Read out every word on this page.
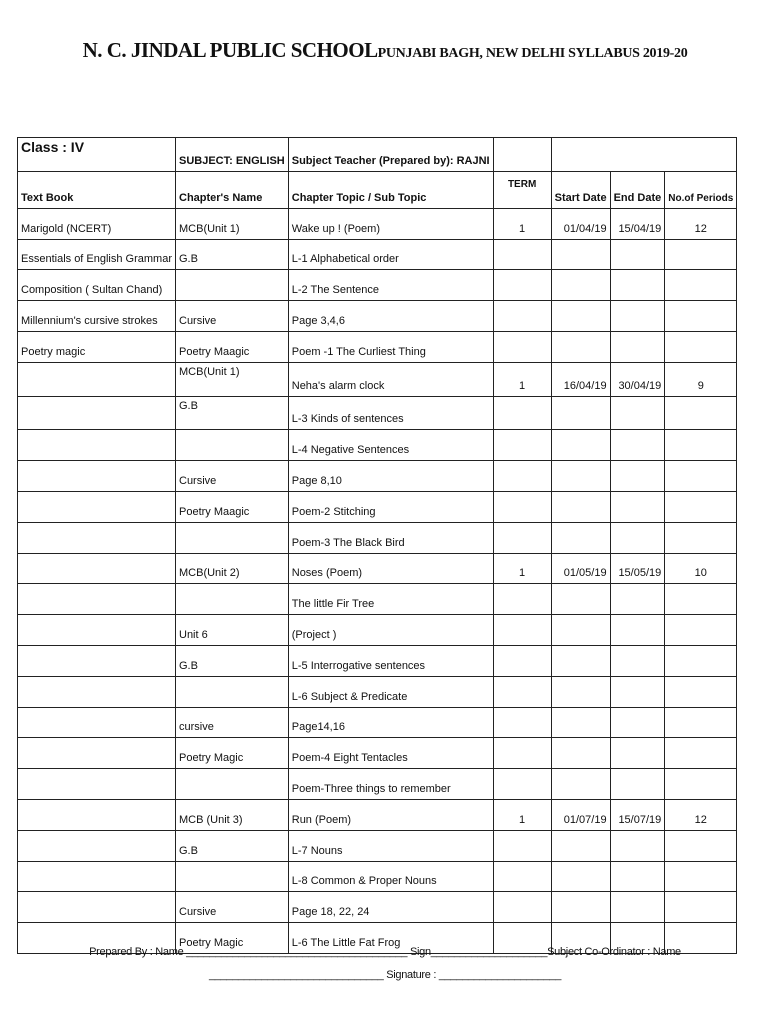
N. C. JINDAL PUBLIC SCHOOLPUNJABI BAGH, NEW DELHI SYLLABUS 2019-20
Class : IV	SUBJECT: ENGLISH	Subject Teacher (Prepared by): RAJNI				
Text Book	Chapter's Name	Chapter Topic / Sub Topic	TERM	Start Date	End Date	No.of Periods
Marigold (NCERT)	MCB(Unit 1)	Wake up ! (Poem)	1	01/04/19	15/04/19	12
Essentials of English Grammar	G.B	L-1 Alphabetical order				
Composition ( Sultan Chand)		L-2 The Sentence				
Millennium's cursive strokes	Cursive	Page 3,4,6				
Poetry magic	Poetry Maagic	Poem -1 The Curliest Thing				
	MCB(Unit 1)	Neha's alarm clock	1	16/04/19	30/04/19	9
	G.B	L-3 Kinds of sentences				
		L-4 Negative Sentences				
	Cursive	Page 8,10				
	Poetry Maagic	Poem-2 Stitching				
		Poem-3 The Black Bird				
	MCB(Unit 2)	Noses (Poem)	1	01/05/19	15/05/19	10
		The little Fir Tree				
	Unit 6	(Project )				
	G.B	L-5 Interrogative sentences				
		L-6 Subject & Predicate				
	cursive	Page14,16				
	Poetry Magic	Poem-4 Eight Tentacles				
		Poem-Three things to remember				
	MCB (Unit 3)	Run (Poem)	1	01/07/19	15/07/19	12
	G.B	L-7 Nouns				
		L-8 Common & Proper Nouns				
	Cursive	Page 18, 22, 24				
	Poetry Magic	L-6 The Little Fat Frog				
Prepared By : Name ______________________________________ Sign____________________Subject Co-Ordinator : Name
______________________________ Signature : _____________________
